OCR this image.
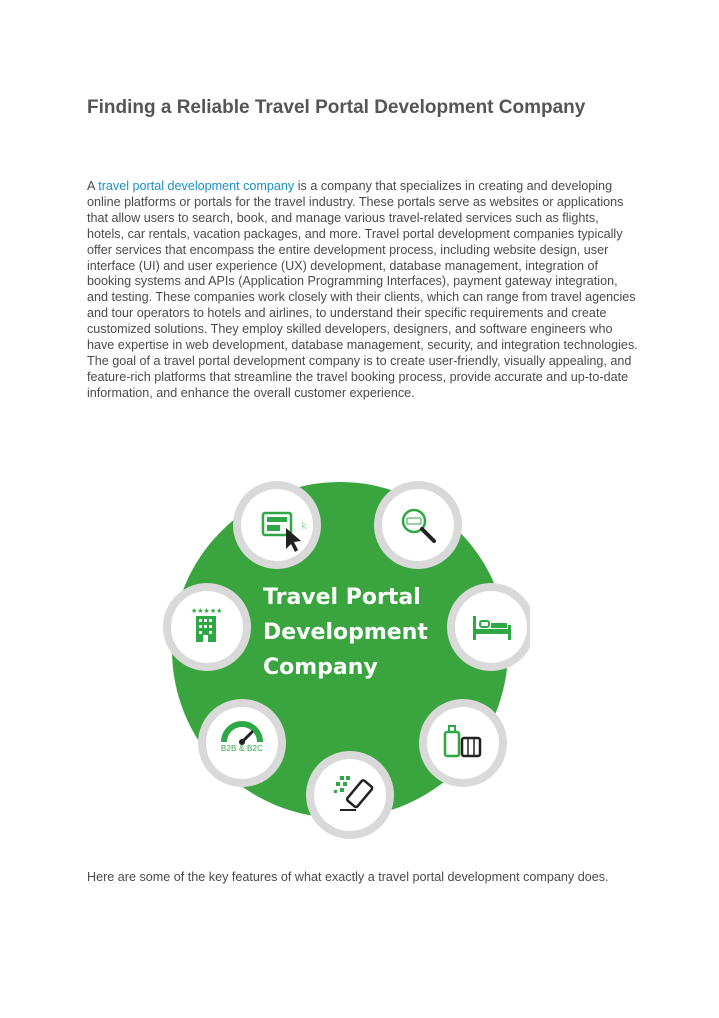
Finding a Reliable Travel Portal Development Company
A travel portal development company is a company that specializes in creating and developing online platforms or portals for the travel industry. These portals serve as websites or applications that allow users to search, book, and manage various travel-related services such as flights, hotels, car rentals, vacation packages, and more. Travel portal development companies typically offer services that encompass the entire development process, including website design, user interface (UI) and user experience (UX) development, database management, integration of booking systems and APIs (Application Programming Interfaces), payment gateway integration, and testing. These companies work closely with their clients, which can range from travel agencies and tour operators to hotels and airlines, to understand their specific requirements and create customized solutions. They employ skilled developers, designers, and software engineers who have expertise in web development, database management, security, and integration technologies. The goal of a travel portal development company is to create user-friendly, visually appealing, and feature-rich platforms that streamline the travel booking process, provide accurate and up-to-date information, and enhance the overall customer experience.
k
★★★★★
Travel Portal
Development
Company
B2B & B2C
Here are some of the key features of what exactly a travel portal development company does.
